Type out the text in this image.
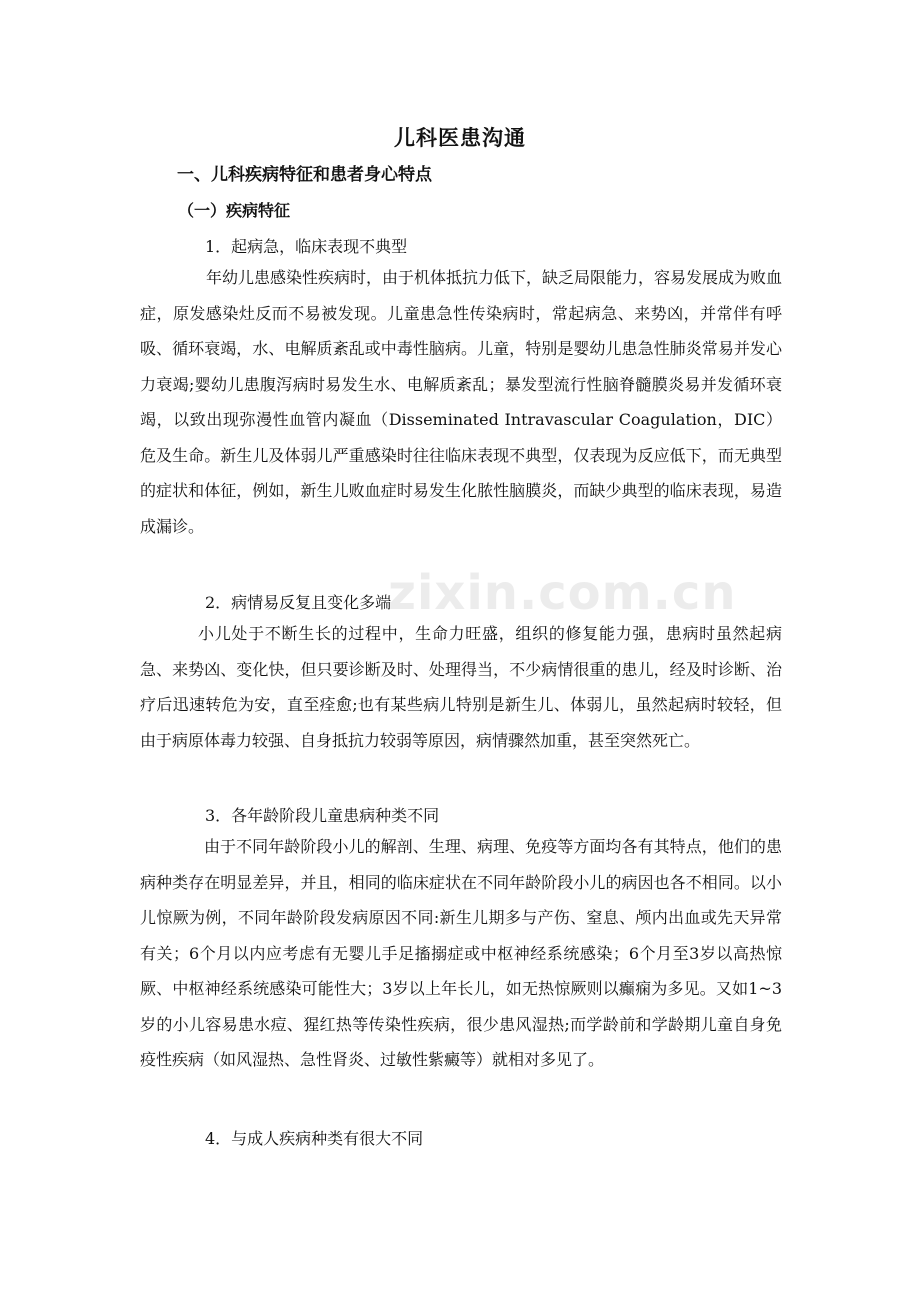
儿科医患沟通
一、儿科疾病特征和患者身心特点
（一）疾病特征
1．起病急，临床表现不典型

年幼儿患感染性疾病时，由于机体抵抗力低下，缺乏局限能力，容易发展成为败血症，原发感染灶反而不易被发现。儿童患急性传染病时，常起病急、来势凶，并常伴有呼吸、循环衰竭，水、电解质紊乱或中毒性脑病。儿童，特别是婴幼儿患急性肺炎常易并发心力衰竭;婴幼儿患腹泻病时易发生水、电解质紊乱；暴发型流行性脑脊髓膜炎易并发循环衰竭，以致出现弥漫性血管内凝血（Disseminated Intravascular Coagulation，DIC）危及生命。新生儿及体弱儿严重感染时往往临床表现不典型，仅表现为反应低下，而无典型的症状和体征，例如，新生儿败血症时易发生化脓性脑膜炎，而缺少典型的临床表现，易造成漏诊。

2．病情易反复且变化多端

小儿处于不断生长的过程中，生命力旺盛，组织的修复能力强，患病时虽然起病急、来势凶、变化快，但只要诊断及时、处理得当，不少病情很重的患儿，经及时诊断、治疗后迅速转危为安，直至痊愈;也有某些病儿特别是新生儿、体弱儿，虽然起病时较轻，但由于病原体毒力较强、自身抵抗力较弱等原因，病情骤然加重，甚至突然死亡。

3．各年龄阶段儿童患病种类不同

由于不同年龄阶段小儿的解剖、生理、病理、免疫等方面均各有其特点，他们的患病种类存在明显差异，并且，相同的临床症状在不同年龄阶段小儿的病因也各不相同。以小儿惊厥为例，不同年龄阶段发病原因不同:新生儿期多与产伤、窒息、颅内出血或先天异常有关；6个月以内应考虑有无婴儿手足搐搦症或中枢神经系统感染；6个月至3岁以高热惊厥、中枢神经系统感染可能性大；3岁以上年长儿，如无热惊厥则以癫痫为多见。又如1~3岁的小儿容易患水痘、猩红热等传染性疾病，很少患风湿热;而学龄前和学龄期儿童自身免疫性疾病（如风湿热、急性肾炎、过敏性紫癜等）就相对多见了。

4．与成人疾病种类有很大不同
zixin.com.cn
